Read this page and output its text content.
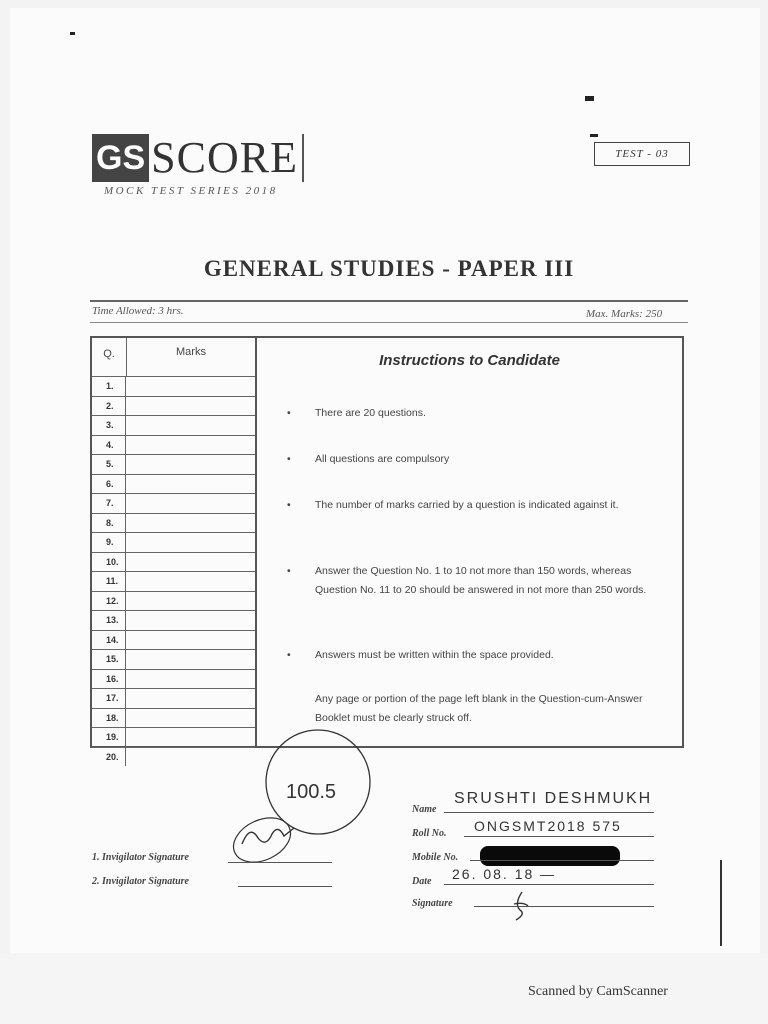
GS SCORE
MOCK TEST SERIES 2018
TEST - 03
GENERAL STUDIES - PAPER III
Time Allowed: 3 hrs.	Max. Marks: 250
Q.	Marks
1.
2.
3.
4.
5.
6.
7.
8.
9.
10.
11.
12.
13.
14.
15.
16.
17.
18.
19.
20.
Instructions to Candidate
• There are 20 questions.
• All questions are compulsory
• The number of marks carried by a question is indicated against it.
• Answer the Question No. 1 to 10 not more than 150 words, whereas Question No. 11 to 20 should be answered in not more than 250 words.
• Answers must be written within the space provided.
Any page or portion of the page left blank in the Question-cum-Answer Booklet must be clearly struck off.
100.5
1. Invigilator Signature
2. Invigilator Signature
Name
SRUSHTI DESHMUKH
Roll No. ONGSMT2018 575
Mobile No.
Date 26. 08. 18 —
Signature
Scanned by CamScanner
